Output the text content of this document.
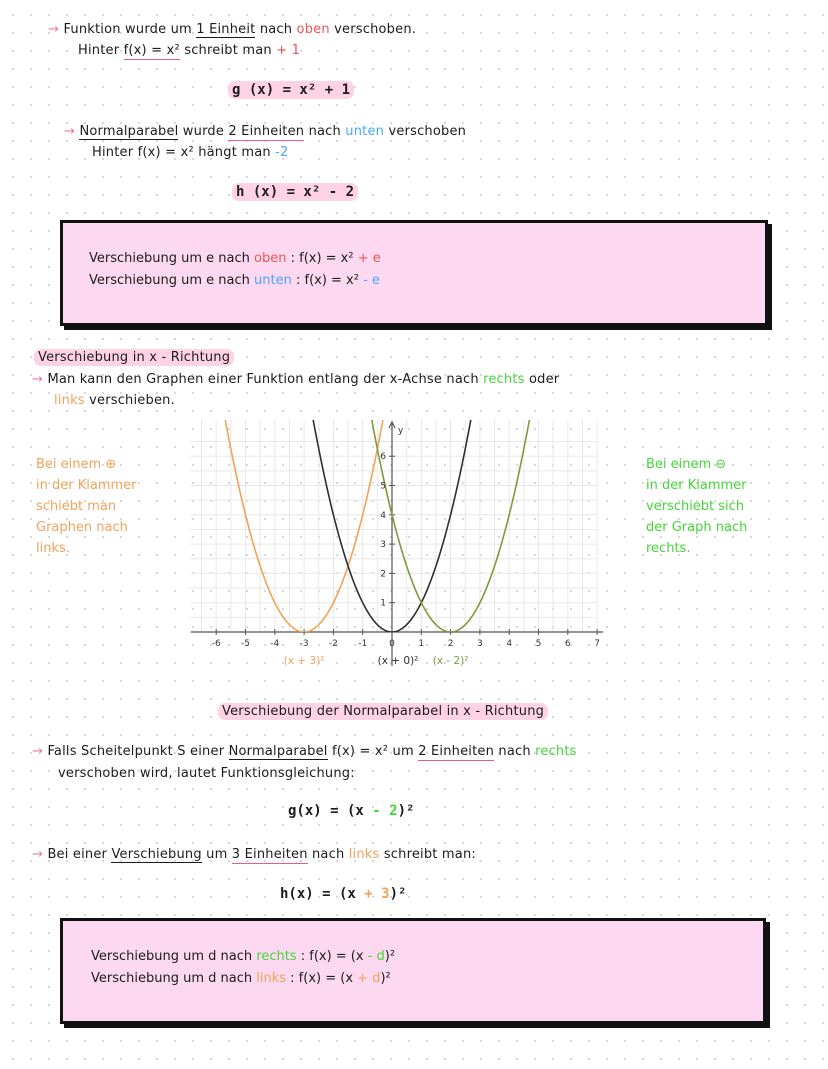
→ Funktion wurde um 1 Einheit nach oben verschoben.
Hinter f(x) = x² schreibt man + 1
g (x) = x² + 1
→ Normalparabel wurde 2 Einheiten nach unten verschoben
Hinter f(x) = x² hängt man -2
h (x) = x² - 2
Verschiebung um e nach oben : f(x) = x² + e
Verschiebung um e nach unten : f(x) = x² - e
Verschiebung in x - Richtung
→ Man kann den Graphen einer Funktion entlang der x-Achse nach rechts oder
links verschieben.
Bei einem ⊕
in der Klammer
schiebt man
Graphen nach
links.
Bei einem ⊖
in der Klammer
verschiebt sich
der Graph nach
rechts.
y
-6 -5 -4 -3 -2 -1 0	1	2	3	4	5	6	7
1
2
3
4
5
6
(x + 3)²	(x + 0)² (x - 2)²
Verschiebung der Normalparabel in x - Richtung
→ Falls Scheitelpunkt S einer Normalparabel f(x) = x² um 2 Einheiten nach rechts
verschoben wird, lautet Funktionsgleichung:
g(x) = (x - 2)²
→ Bei einer Verschiebung um 3 Einheiten nach links schreibt man:
h(x) = (x + 3)²
Verschiebung um d nach rechts : f(x) = (x - d)²
Verschiebung um d nach links : f(x) = (x + d)²
